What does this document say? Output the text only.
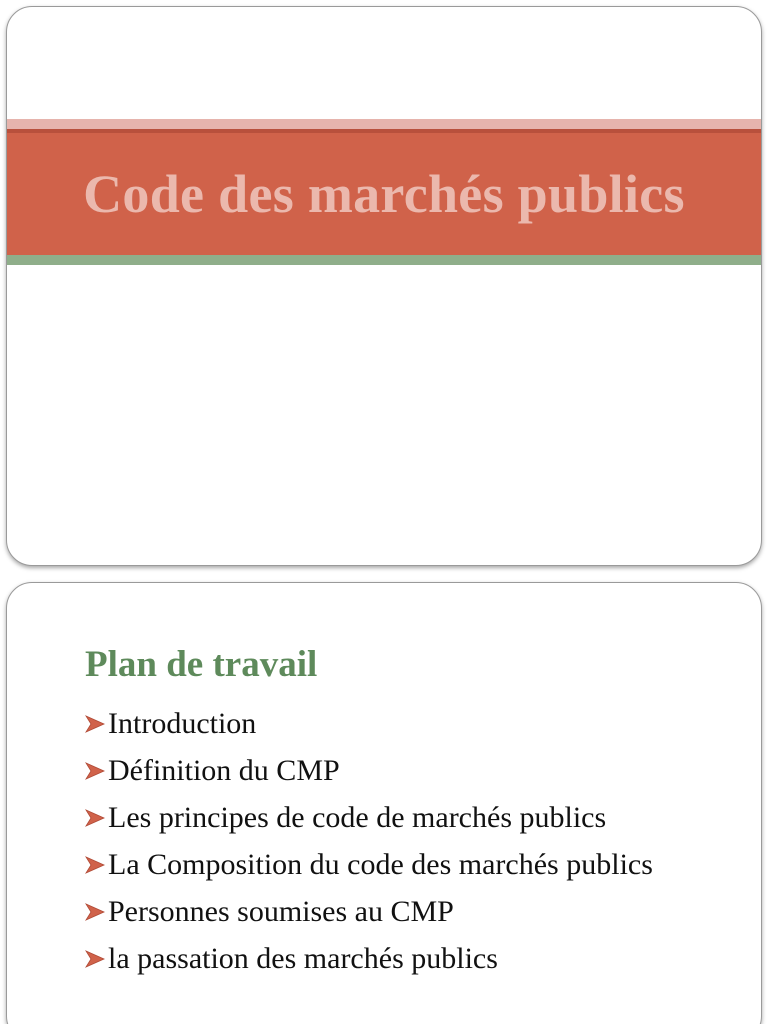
Code des marchés publics
Plan de travail
Introduction
Définition du CMP
Les principes de code de marchés publics
La Composition du code des marchés publics
Personnes soumises au CMP
la passation des marchés publics
